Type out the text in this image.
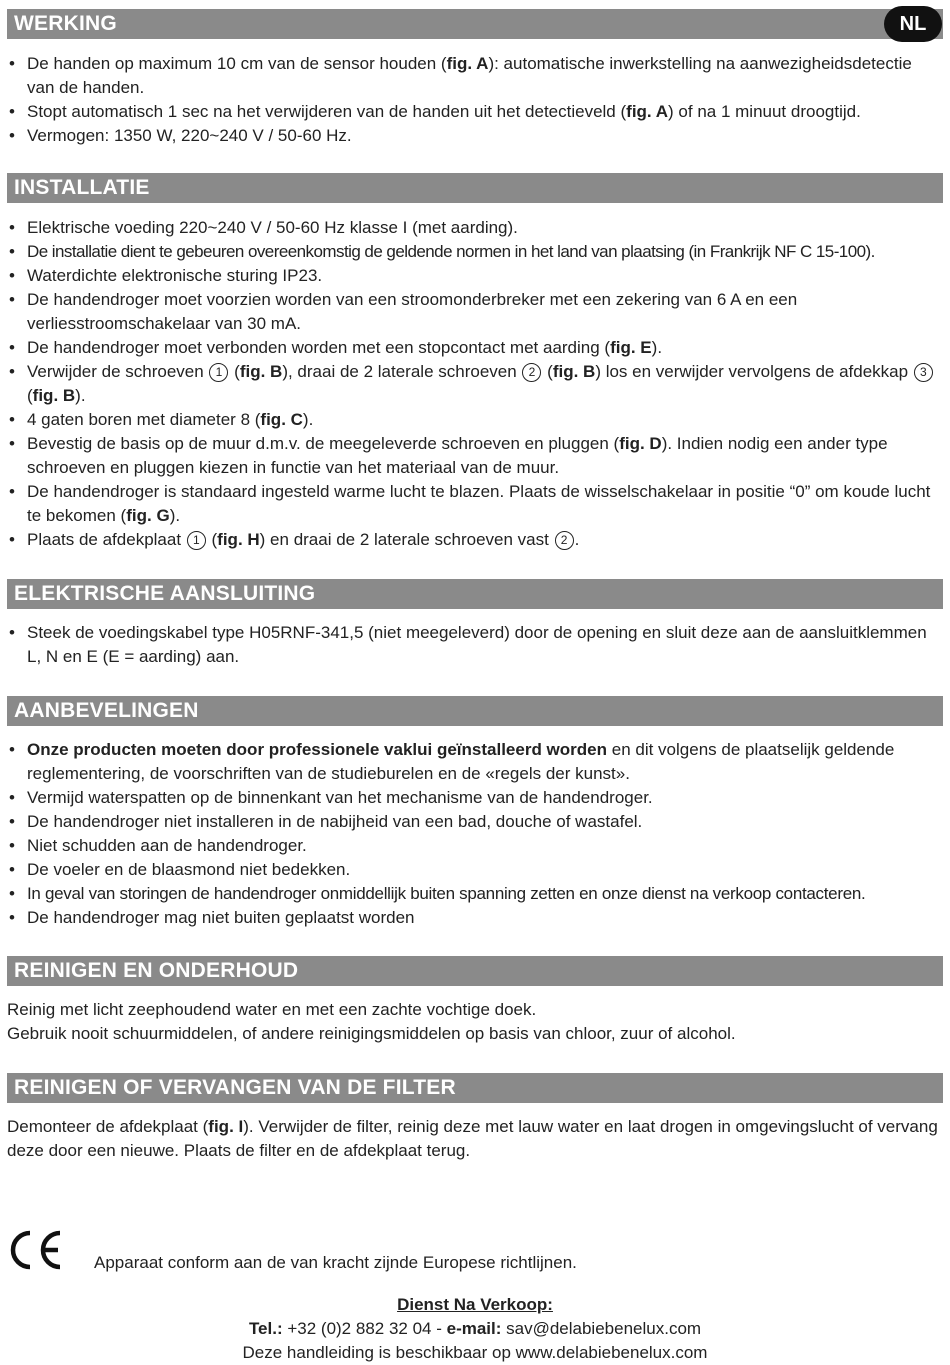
WERKING	NL
• De handen op maximum 10 cm van de sensor houden (fig. A): automatische inwerkstelling na aanwezigheidsdetectie van de handen.
• Stopt automatisch 1 sec na het verwijderen van de handen uit het detectieveld (fig. A) of na 1 minuut droogtijd.
• Vermogen: 1350 W, 220~240 V / 50-60 Hz.
INSTALLATIE
• Elektrische voeding 220~240 V / 50-60 Hz klasse I (met aarding).
• De installatie dient te gebeuren overeenkomstig de geldende normen in het land van plaatsing (in Frankrijk NF C 15-100).
• Waterdichte elektronische sturing IP23.
• De handendroger moet voorzien worden van een stroomonderbreker met een zekering van 6 A en een verliesstroomschakelaar van 30 mA.
• De handendroger moet verbonden worden met een stopcontact met aarding (fig. E).
• Verwijder de schroeven 1 (fig. B), draai de 2 laterale schroeven 2 (fig. B) los en verwijder vervolgens de afdekkap 3 (fig. B).
• 4 gaten boren met diameter 8 (fig. C).
• Bevestig de basis op de muur d.m.v. de meegeleverde schroeven en pluggen (fig. D). Indien nodig een ander type schroeven en pluggen kiezen in functie van het materiaal van de muur.
• De handendroger is standaard ingesteld warme lucht te blazen. Plaats de wisselschakelaar in positie “0” om koude lucht te bekomen (fig. G).
• Plaats de afdekplaat 1 (fig. H) en draai de 2 laterale schroeven vast 2 .
ELEKTRISCHE AANSLUITING
• Steek de voedingskabel type H05RNF-341,5 (niet meegeleverd) door de opening en sluit deze aan de aansluitklemmen L, N en E (E = aarding) aan.
AANBEVELINGEN
• Onze producten moeten door professionele vaklui geïnstalleerd worden en dit volgens de plaatselijk geldende reglementering, de voorschriften van de studieburelen en de «regels der kunst».
• Vermijd waterspatten op de binnenkant van het mechanisme van de handendroger.
• De handendroger niet installeren in de nabijheid van een bad, douche of wastafel.
• Niet schudden aan de handendroger.
• De voeler en de blaasmond niet bedekken.
• In geval van storingen de handendroger onmiddellijk buiten spanning zetten en onze dienst na verkoop contacteren.
• De handendroger mag niet buiten geplaatst worden
REINIGEN EN ONDERHOUD
Reinig met licht zeephoudend water en met een zachte vochtige doek.
Gebruik nooit schuurmiddelen, of andere reinigingsmiddelen op basis van chloor, zuur of alcohol.
REINIGEN OF VERVANGEN VAN DE FILTER
Demonteer de afdekplaat (fig. I). Verwijder de filter, reinig deze met lauw water en laat drogen in omgevingslucht of vervang deze door een nieuwe. Plaats de filter en de afdekplaat terug.
Apparaat conform aan de van kracht zijnde Europese richtlijnen.
Dienst Na Verkoop:
Tel.: +32 (0)2 882 32 04 - e-mail: sav@delabiebenelux.com
Deze handleiding is beschikbaar op www.delabiebenelux.com
